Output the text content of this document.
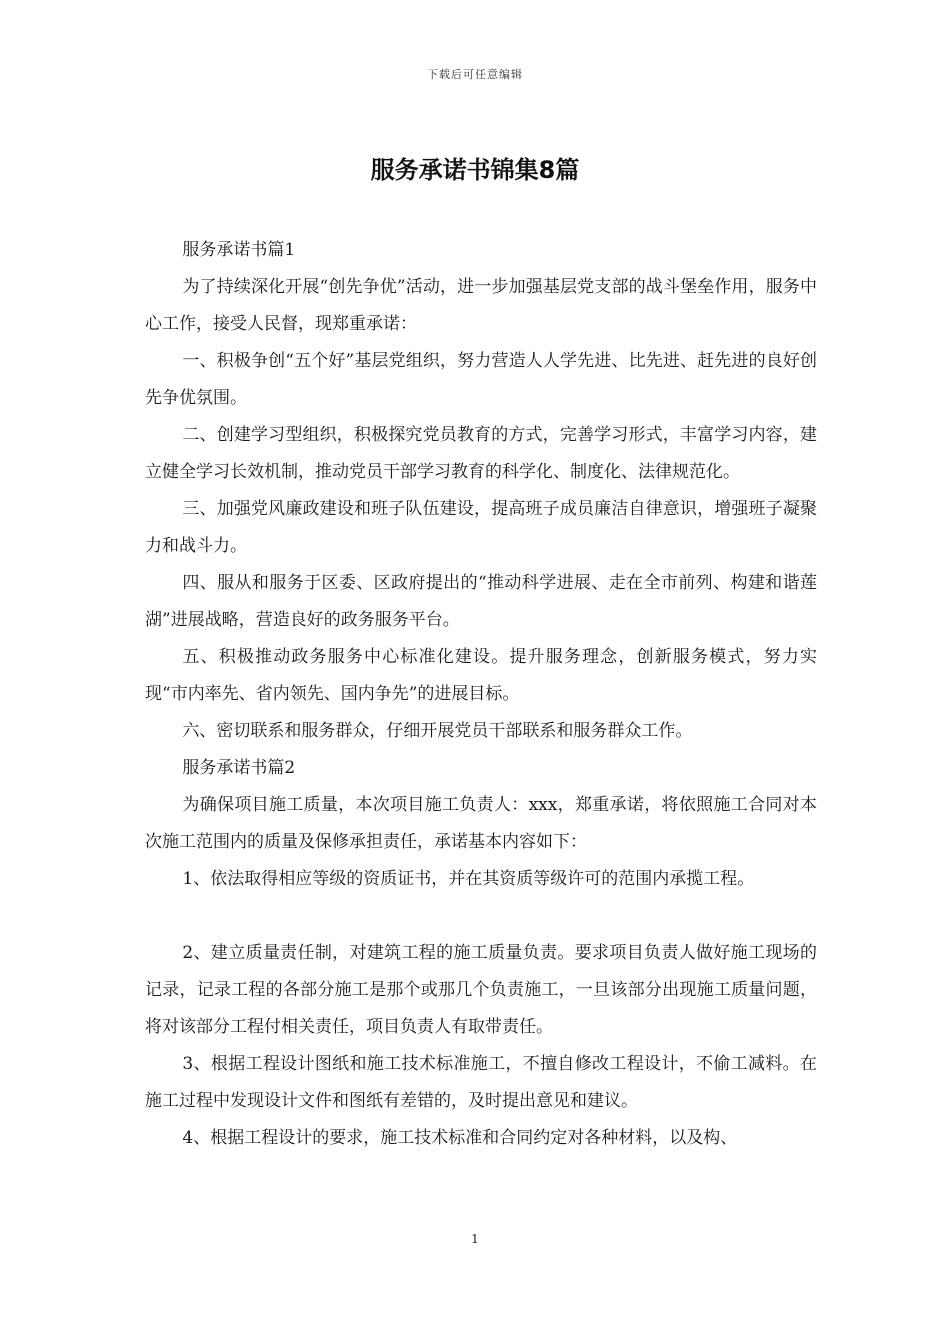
下载后可任意编辑
服务承诺书锦集8篇

服务承诺书篇1

为了持续深化开展“创先争优”活动，进一步加强基层党支部的战斗堡垒作用，服务中心工作，接受人民督，现郑重承诺：

一、积极争创“五个好”基层党组织，努力营造人人学先进、比先进、赶先进的良好创先争优氛围。

二、创建学习型组织，积极探究党员教育的方式，完善学习形式，丰富学习内容，建立健全学习长效机制，推动党员干部学习教育的科学化、制度化、法律规范化。

三、加强党风廉政建设和班子队伍建设，提高班子成员廉洁自律意识，增强班子凝聚力和战斗力。

四、服从和服务于区委、区政府提出的“推动科学进展、走在全市前列、构建和谐莲湖”进展战略，营造良好的政务服务平台。

五、积极推动政务服务中心标准化建设。提升服务理念，创新服务模式，努力实现“市内率先、省内领先、国内争先”的进展目标。

六、密切联系和服务群众，仔细开展党员干部联系和服务群众工作。

服务承诺书篇2

为确保项目施工质量，本次项目施工负责人：xxx，郑重承诺，将依照施工合同对本次施工范围内的质量及保修承担责任，承诺基本内容如下：

1、依法取得相应等级的资质证书，并在其资质等级许可的范围内承揽工程。

2、建立质量责任制，对建筑工程的施工质量负责。要求项目负责人做好施工现场的记录，记录工程的各部分施工是那个或那几个负责施工，一旦该部分出现施工质量问题，将对该部分工程付相关责任，项目负责人有取带责任。

3、根据工程设计图纸和施工技术标准施工，不擅自修改工程设计，不偷工减料。在施工过程中发现设计文件和图纸有差错的，及时提出意见和建议。

4、根据工程设计的要求，施工技术标准和合同约定对各种材料，以及构、

1
